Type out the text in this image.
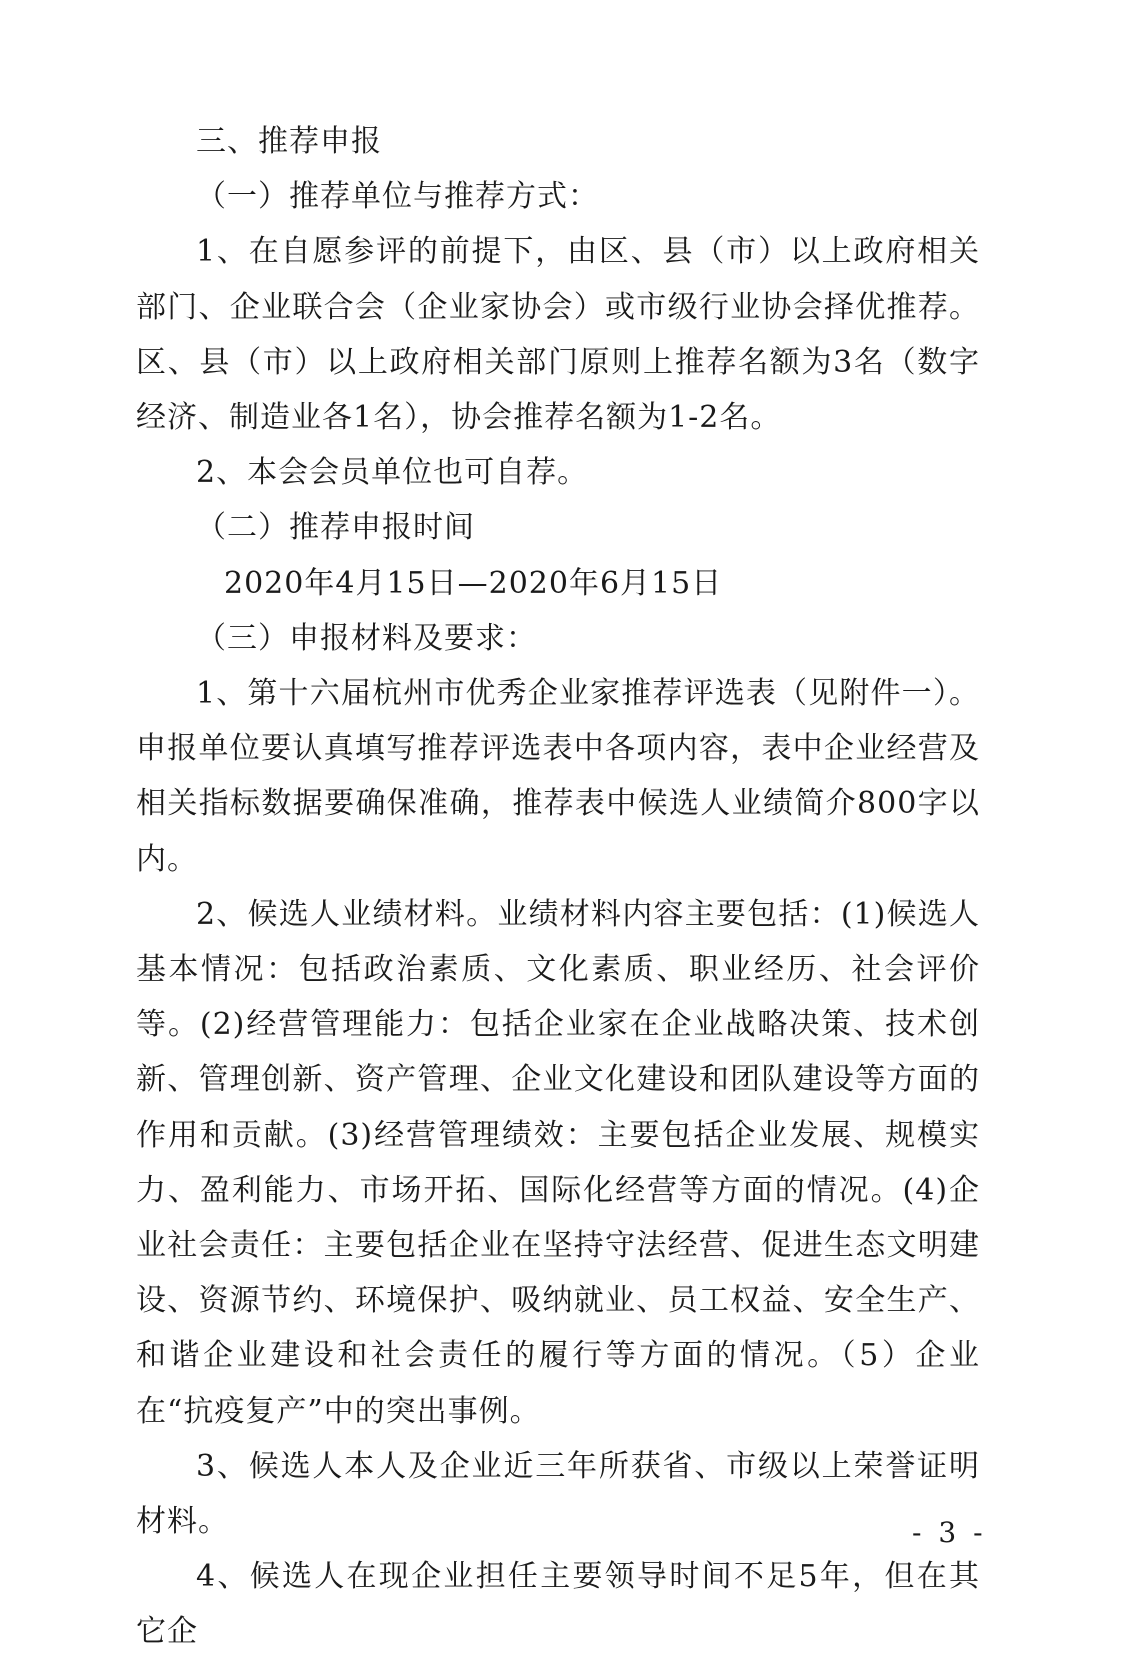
三、推荐申报

（一）推荐单位与推荐方式：

1、在自愿参评的前提下，由区、县（市）以上政府相关部门、企业联合会（企业家协会）或市级行业协会择优推荐。区、县（市）以上政府相关部门原则上推荐名额为3名（数字经济、制造业各1名），协会推荐名额为1-2名。

2、本会会员单位也可自荐。

（二）推荐申报时间

2020年4月15日—2020年6月15日

（三）申报材料及要求：

1、第十六届杭州市优秀企业家推荐评选表（见附件一）。申报单位要认真填写推荐评选表中各项内容，表中企业经营及相关指标数据要确保准确，推荐表中候选人业绩简介800字以内。

2、候选人业绩材料。业绩材料内容主要包括：(1)候选人基本情况：包括政治素质、文化素质、职业经历、社会评价等。(2)经营管理能力：包括企业家在企业战略决策、技术创新、管理创新、资产管理、企业文化建设和团队建设等方面的作用和贡献。(3)经营管理绩效：主要包括企业发展、规模实力、盈利能力、市场开拓、国际化经营等方面的情况。(4)企业社会责任：主要包括企业在坚持守法经营、促进生态文明建设、资源节约、环境保护、吸纳就业、员工权益、安全生产、和谐企业建设和社会责任的履行等方面的情况。（5）企业在“抗疫复产”中的突出事例。

3、候选人本人及企业近三年所获省、市级以上荣誉证明材料。

4、候选人在现企业担任主要领导时间不足5年，但在其它企

- 3 -
